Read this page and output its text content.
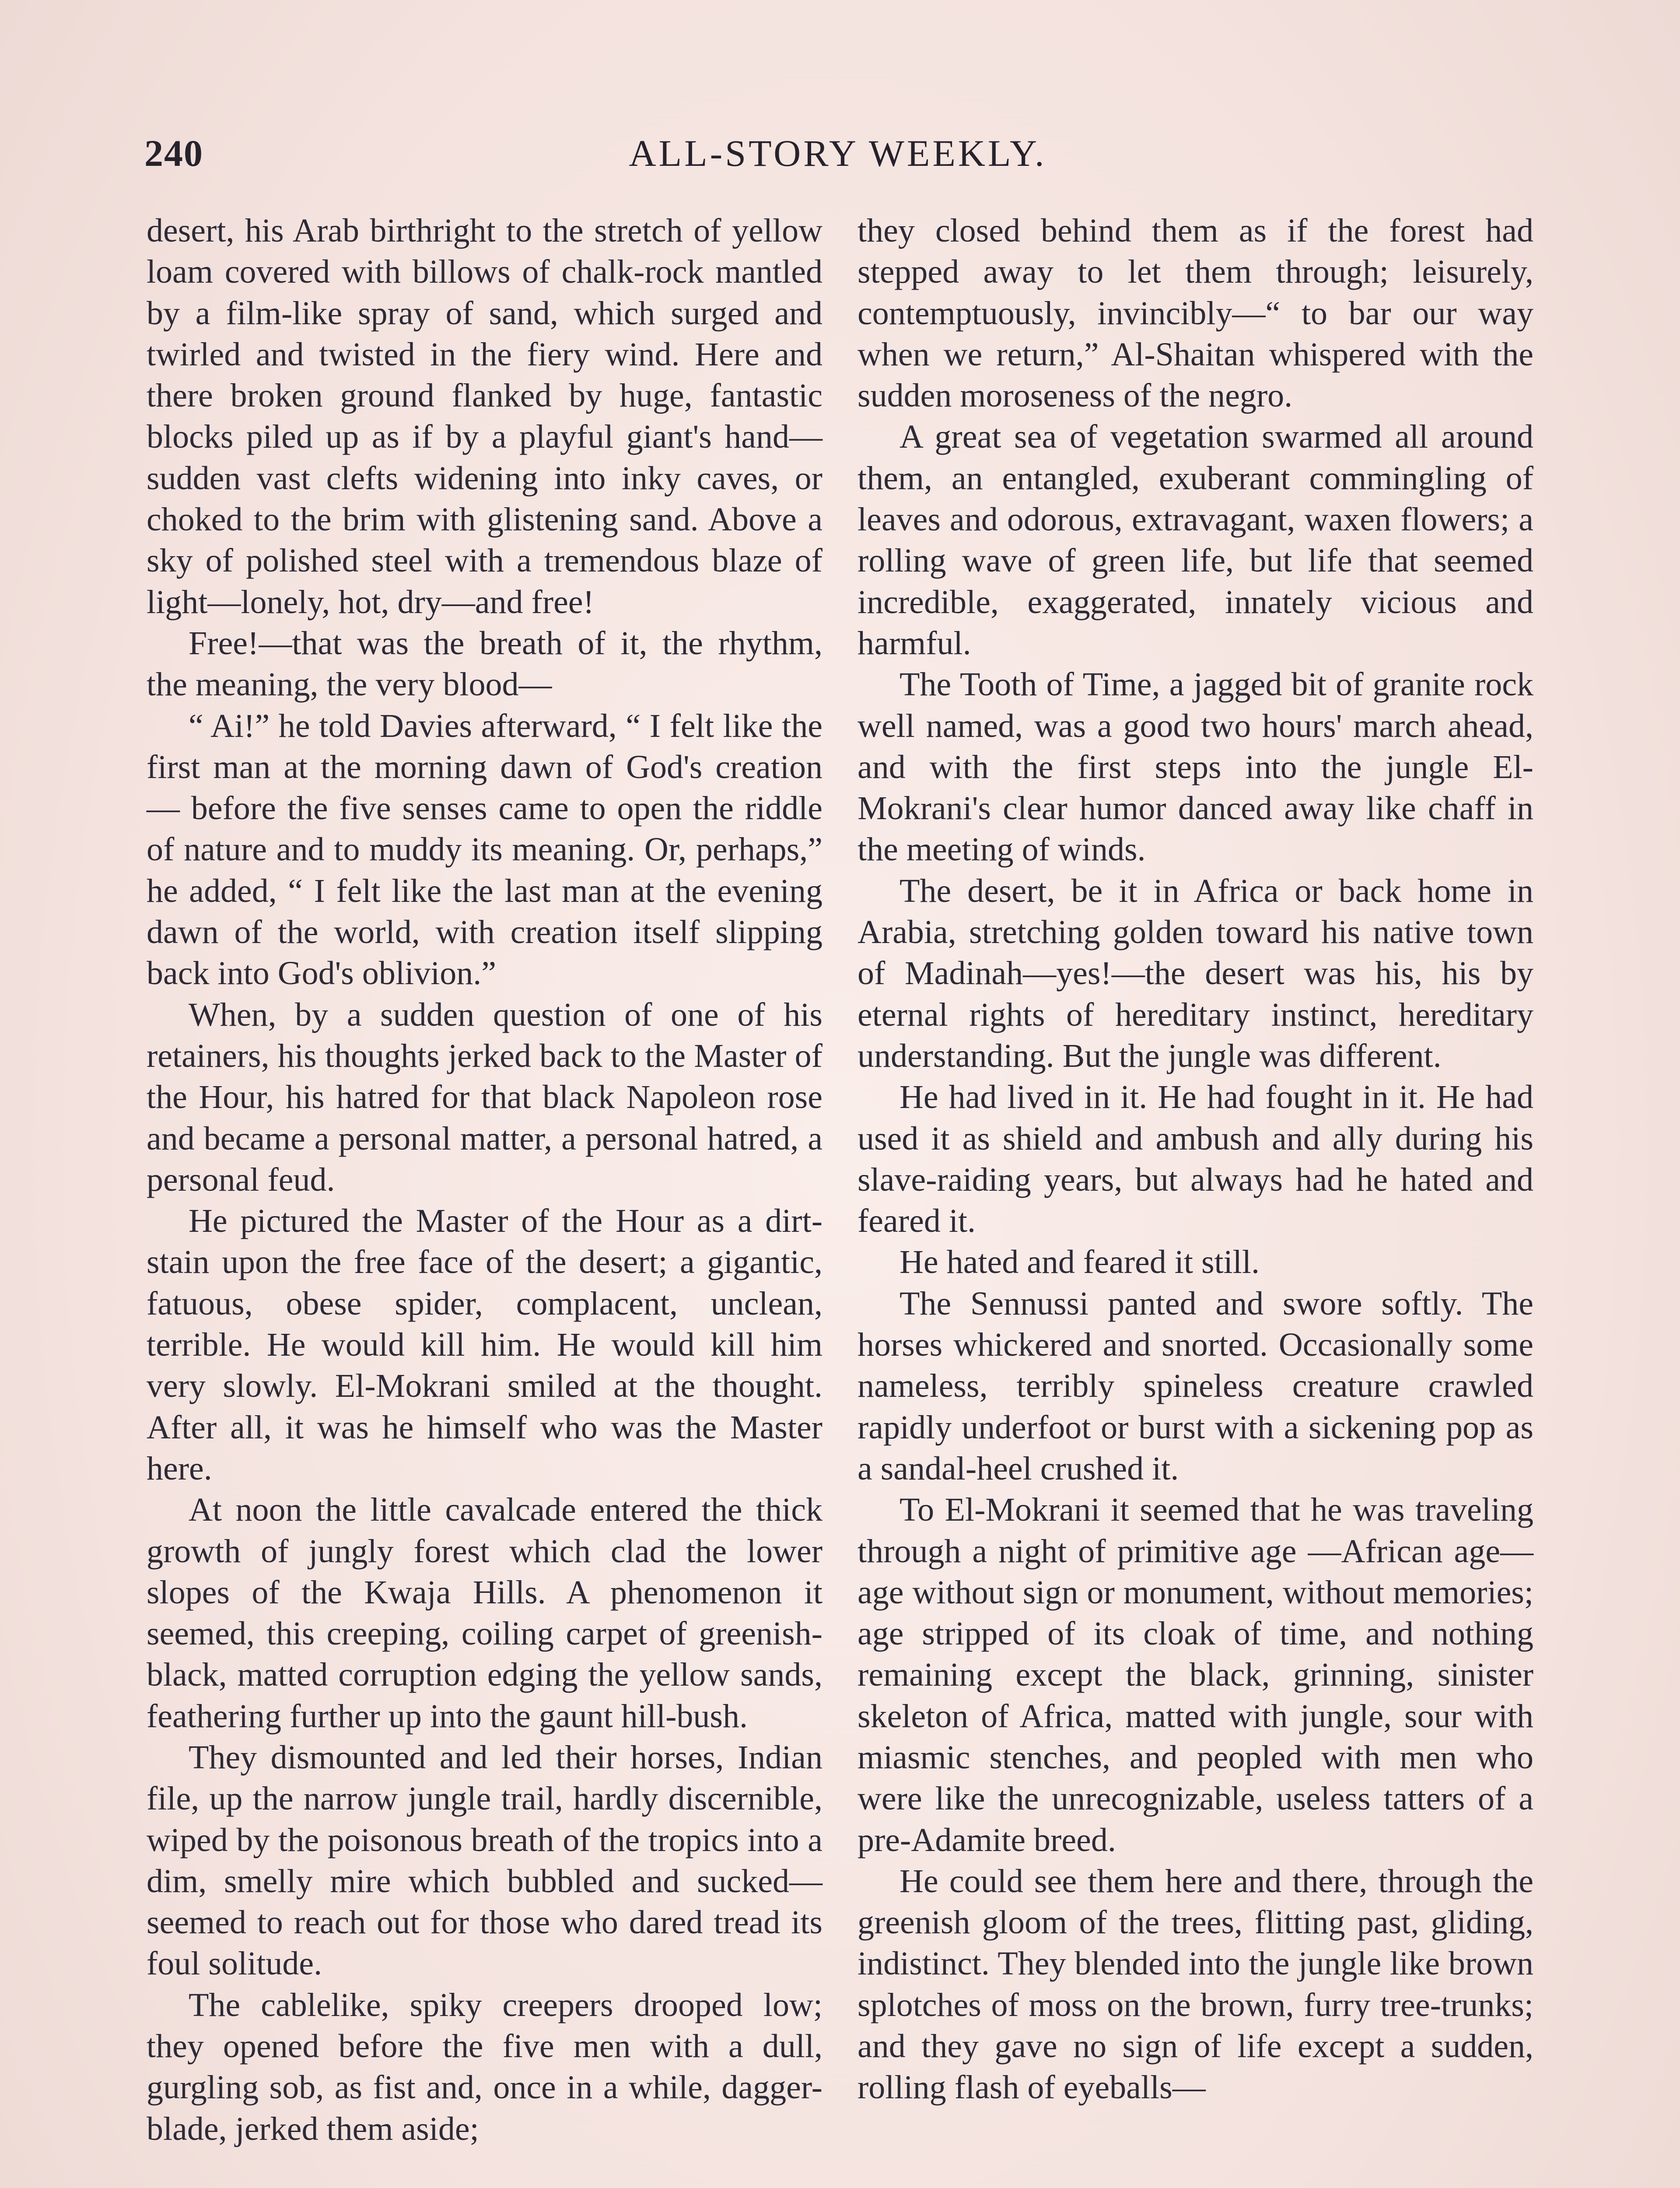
240	ALL-STORY WEEKLY.

desert, his Arab birthright to the stretch of yellow loam covered with billows of chalk-rock mantled by a film-like spray of sand, which surged and twirled and twisted in the fiery wind. Here and there broken ground flanked by huge, fantastic blocks piled up as if by a playful giant's hand—sudden vast clefts widening into inky caves, or choked to the brim with glistening sand. Above a sky of polished steel with a tremendous blaze of light—lonely, hot, dry—and free!

Free!—that was the breath of it, the rhythm, the meaning, the very blood—

“ Ai!” he told Davies afterward, “ I felt like the first man at the morning dawn of God's creation — before the five senses came to open the riddle of nature and to muddy its meaning. Or, perhaps,” he added, “ I felt like the last man at the evening dawn of the world, with creation itself slipping back into God's oblivion.”

When, by a sudden question of one of his retainers, his thoughts jerked back to the Master of the Hour, his hatred for that black Napoleon rose and became a personal matter, a personal hatred, a personal feud.

He pictured the Master of the Hour as a dirt-stain upon the free face of the desert; a gigantic, fatuous, obese spider, complacent, unclean, terrible. He would kill him. He would kill him very slowly. El-Mokrani smiled at the thought. After all, it was he himself who was the Master here.

At noon the little cavalcade entered the thick growth of jungly forest which clad the lower slopes of the Kwaja Hills. A phenomenon it seemed, this creeping, coiling carpet of greenish-black, matted corruption edging the yellow sands, feathering further up into the gaunt hill-bush.

They dismounted and led their horses, Indian file, up the narrow jungle trail, hardly discernible, wiped by the poisonous breath of the tropics into a dim, smelly mire which bubbled and sucked—seemed to reach out for those who dared tread its foul solitude.

The cablelike, spiky creepers drooped low; they opened before the five men with a dull, gurgling sob, as fist and, once in a while, dagger-blade, jerked them aside;

they closed behind them as if the forest had stepped away to let them through; leisurely, contemptuously, invincibly—“ to bar our way when we return,” Al-Shaitan whispered with the sudden moroseness of the negro.

A great sea of vegetation swarmed all around them, an entangled, exuberant commingling of leaves and odorous, extravagant, waxen flowers; a rolling wave of green life, but life that seemed incredible, exaggerated, innately vicious and harmful.

The Tooth of Time, a jagged bit of granite rock well named, was a good two hours' march ahead, and with the first steps into the jungle El-Mokrani's clear humor danced away like chaff in the meeting of winds.

The desert, be it in Africa or back home in Arabia, stretching golden toward his native town of Madinah—yes!—the desert was his, his by eternal rights of hereditary instinct, hereditary understanding. But the jungle was different.

He had lived in it. He had fought in it. He had used it as shield and ambush and ally during his slave-raiding years, but always had he hated and feared it.

He hated and feared it still.

The Sennussi panted and swore softly. The horses whickered and snorted. Occasionally some nameless, terribly spineless creature crawled rapidly underfoot or burst with a sickening pop as a sandal-heel crushed it.

To El-Mokrani it seemed that he was traveling through a night of primitive age —African age—age without sign or monument, without memories; age stripped of its cloak of time, and nothing remaining except the black, grinning, sinister skeleton of Africa, matted with jungle, sour with miasmic stenches, and peopled with men who were like the unrecognizable, useless tatters of a pre-Adamite breed.

He could see them here and there, through the greenish gloom of the trees, flitting past, gliding, indistinct. They blended into the jungle like brown splotches of moss on the brown, furry tree-trunks; and they gave no sign of life except a sudden, rolling flash of eyeballs—
